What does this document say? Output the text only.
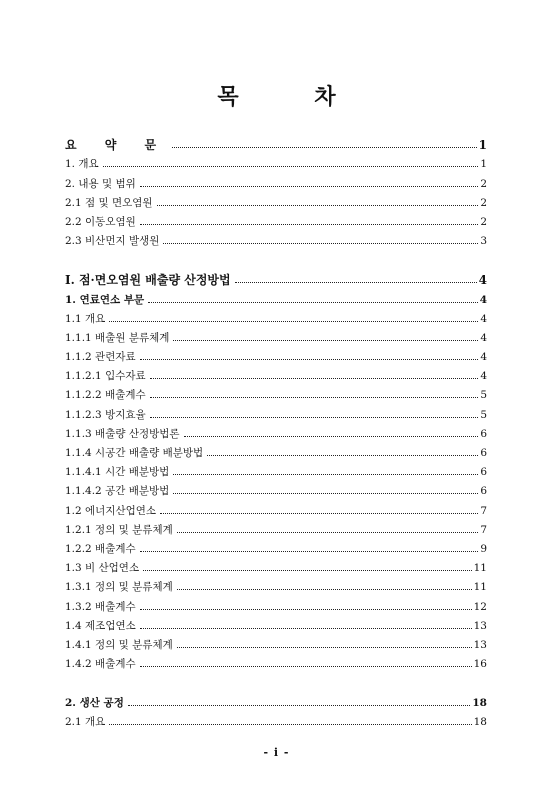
목 차
요 약 문	1
1. 개요	1
2. 내용 및 범위	2
2.1 점 및 면오염원	2
2.2 이동오염원	2
2.3 비산먼지 발생원	3
Ⅰ. 점·면오염원 배출량 산정방법	4
1. 연료연소 부문	4
1.1 개요	4
1.1.1 배출원 분류체계	4
1.1.2 관련자료	4
1.1.2.1 입수자료	4
1.1.2.2 배출계수	5
1.1.2.3 방지효율	5
1.1.3 배출량 산정방법론	6
1.1.4 시공간 배출량 배분방법	6
1.1.4.1 시간 배분방법	6
1.1.4.2 공간 배분방법	6
1.2 에너지산업연소	7
1.2.1 정의 및 분류체계	7
1.2.2 배출계수	9
1.3 비 산업연소	11
1.3.1 정의 및 분류체계	11
1.3.2 배출계수	12
1.4 제조업연소	13
1.4.1 정의 및 분류체계	13
1.4.2 배출계수	16
2. 생산 공정	18
2.1 개요	18
- i -
